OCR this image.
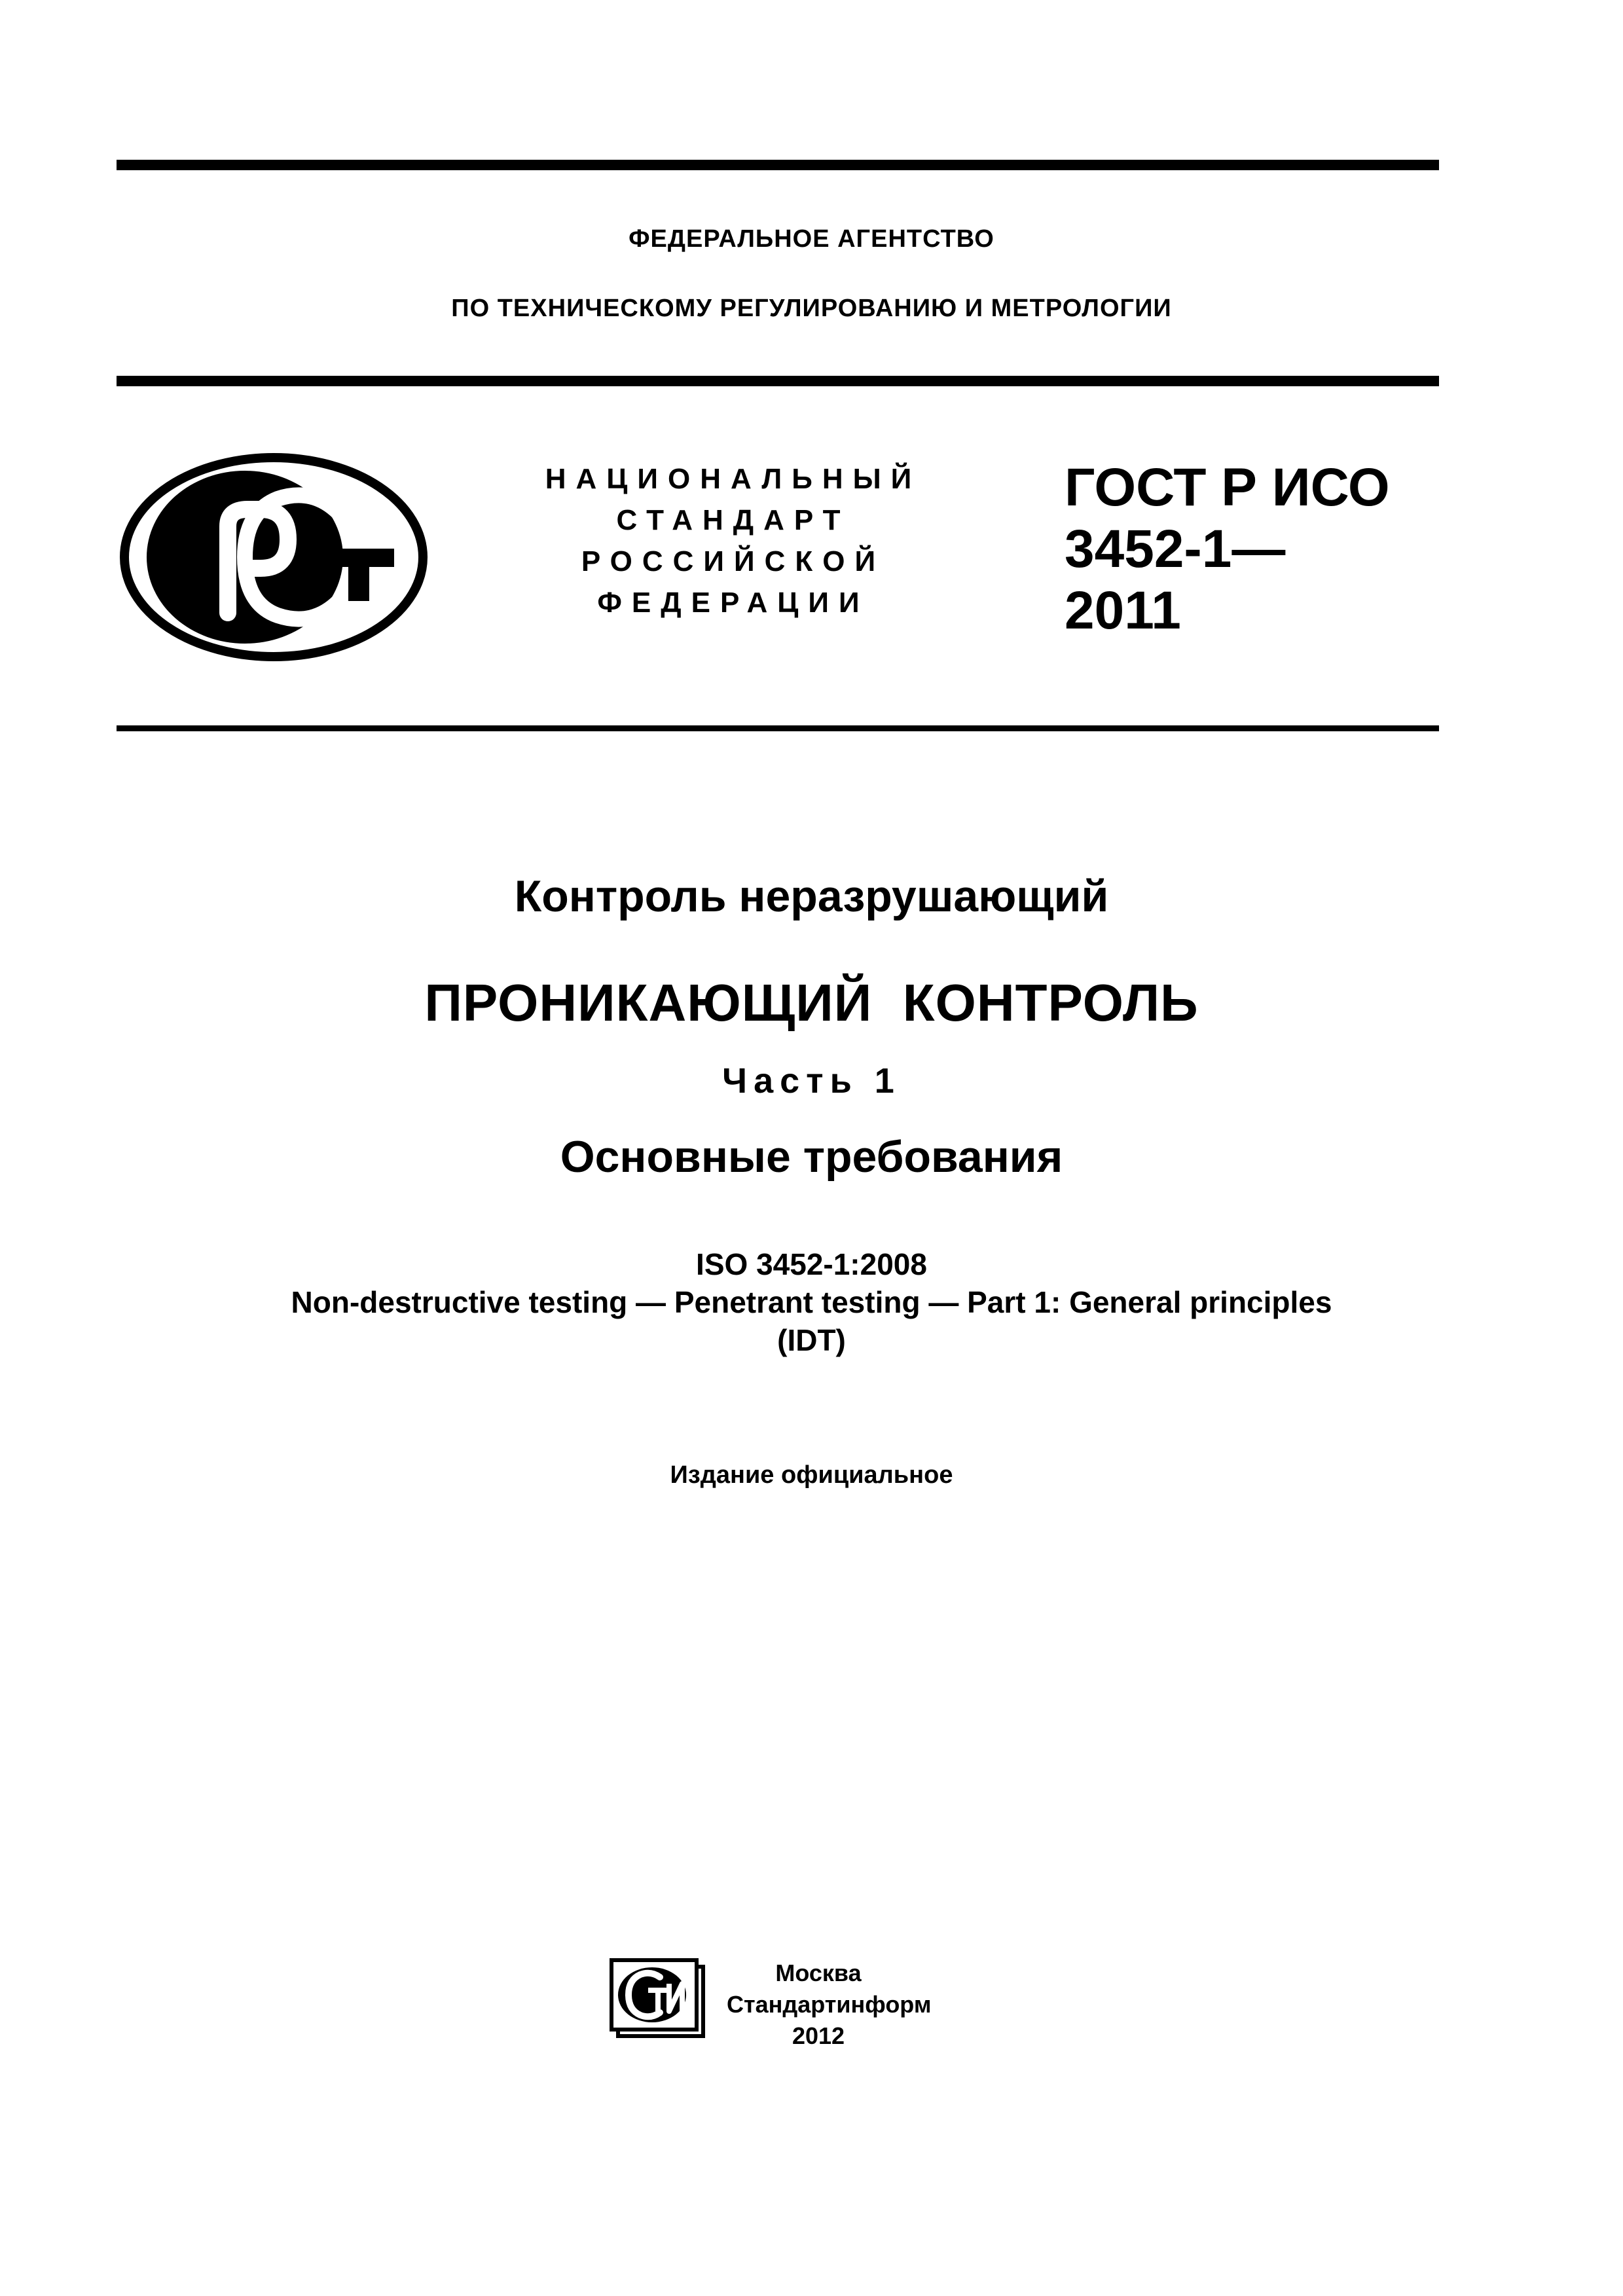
ФЕДЕРАЛЬНОЕ АГЕНТСТВО
ПО ТЕХНИЧЕСКОМУ РЕГУЛИРОВАНИЮ И МЕТРОЛОГИИ
НАЦИОНАЛЬНЫЙ
СТАНДАРТ
РОССИЙСКОЙ
ФЕДЕРАЦИИ
ГОСТ Р ИСО
3452-1—
2011
Контроль неразрушающий
ПРОНИКАЮЩИЙ  КОНТРОЛЬ
Часть 1
Основные требования
ISO 3452-1:2008
Non-destructive testing — Penetrant testing — Part 1: General principles
(IDT)
Издание официальное
Москва
Стандартинформ
2012
